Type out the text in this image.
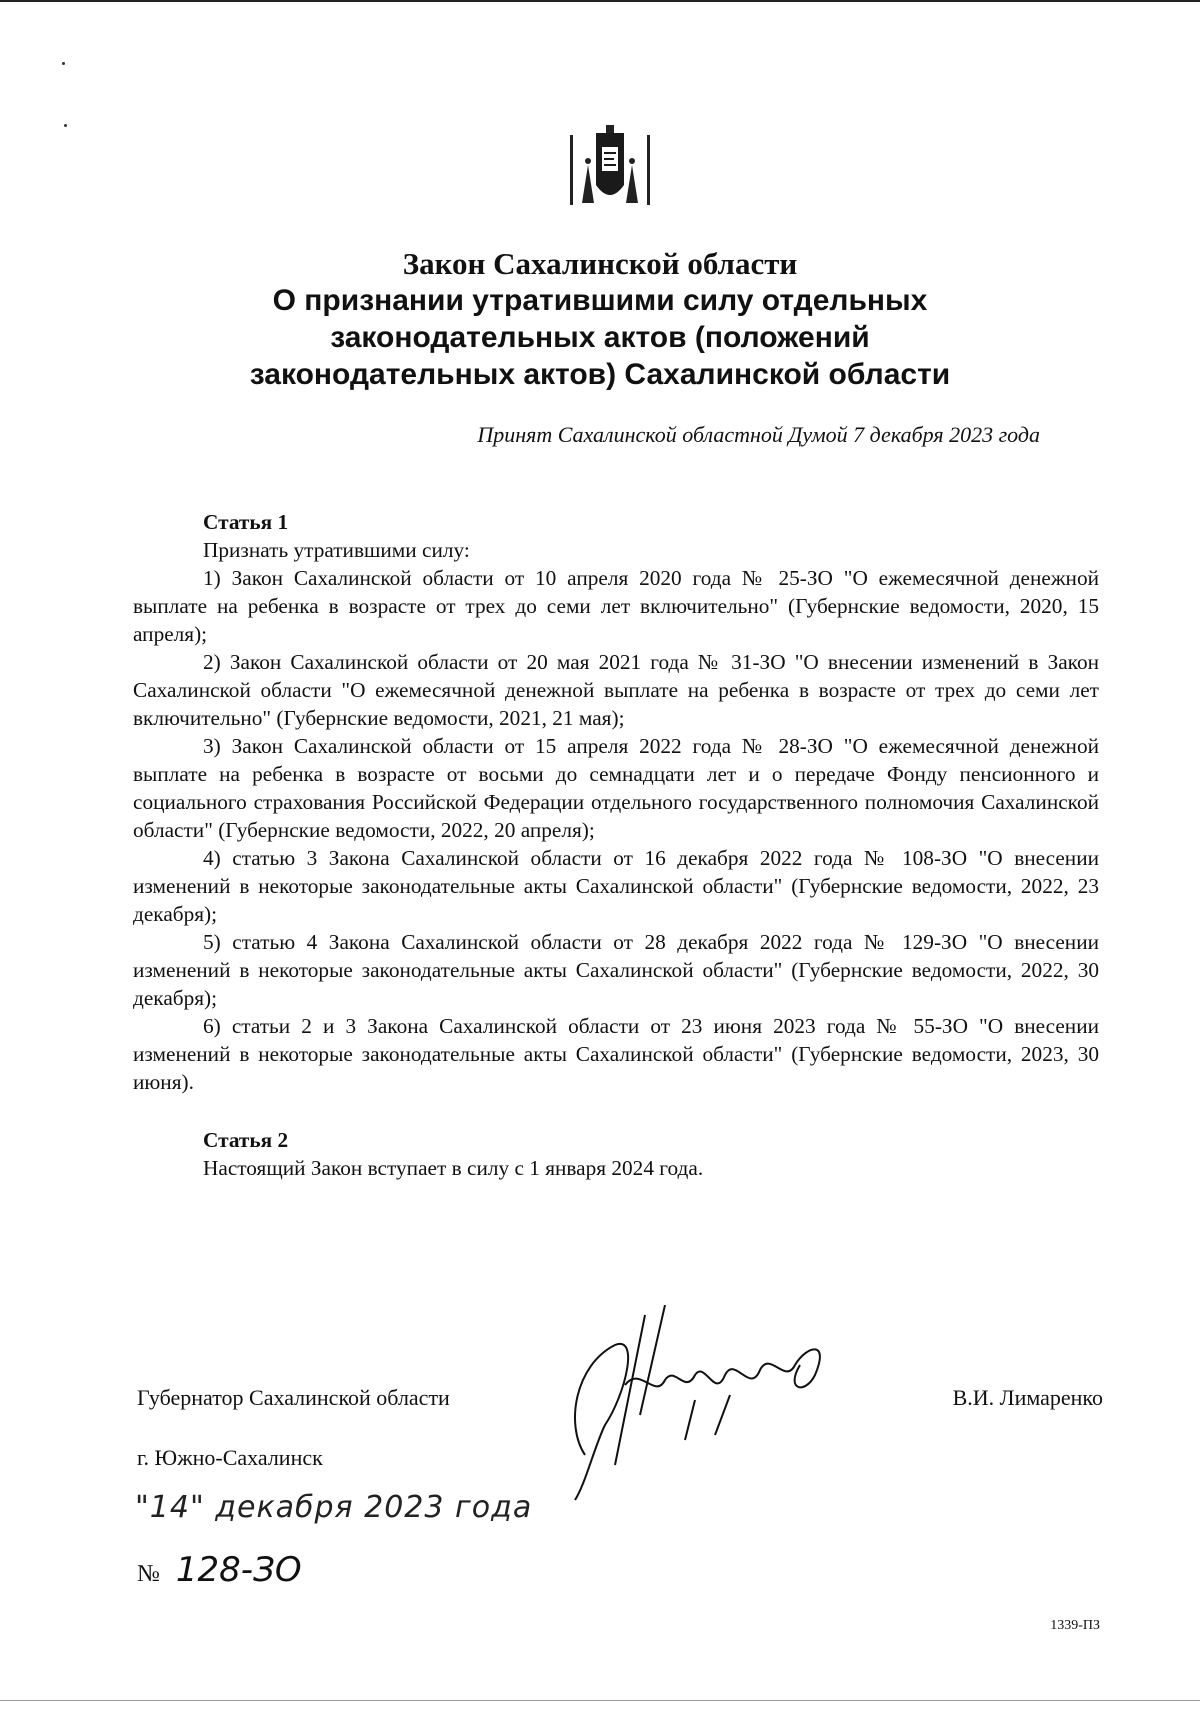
Закон Сахалинской области
О признании утратившими силу отдельных законодательных актов (положений законодательных актов) Сахалинской области
Принят Сахалинской областной Думой 7 декабря 2023 года
Статья 1

Признать утратившими силу:

1) Закон Сахалинской области от 10 апреля 2020 года № 25-ЗО "О ежемесячной денежной выплате на ребенка в возрасте от трех до семи лет включительно" (Губернские ведомости, 2020, 15 апреля);

2) Закон Сахалинской области от 20 мая 2021 года № 31-ЗО "О внесении изменений в Закон Сахалинской области "О ежемесячной денежной выплате на ребенка в возрасте от трех до семи лет включительно" (Губернские ведомости, 2021, 21 мая);

3) Закон Сахалинской области от 15 апреля 2022 года № 28-ЗО "О ежемесячной денежной выплате на ребенка в возрасте от восьми до семнадцати лет и о передаче Фонду пенсионного и социального страхования Российской Федерации отдельного государственного полномочия Сахалинской области" (Губернские ведомости, 2022, 20 апреля);

4) статью 3 Закона Сахалинской области от 16 декабря 2022 года № 108-ЗО "О внесении изменений в некоторые законодательные акты Сахалинской области" (Губернские ведомости, 2022, 23 декабря);

5) статью 4 Закона Сахалинской области от 28 декабря 2022 года № 129-ЗО "О внесении изменений в некоторые законодательные акты Сахалинской области" (Губернские ведомости, 2022, 30 декабря);

6) статьи 2 и 3 Закона Сахалинской области от 23 июня 2023 года № 55-ЗО "О внесении изменений в некоторые законодательные акты Сахалинской области" (Губернские ведомости, 2023, 30 июня).

Статья 2

Настоящий Закон вступает в силу с 1 января 2024 года.

Губернатор Сахалинской области	В.И. Лимаренко
г. Южно-Сахалинск
"14" декабря 2023 года
№ 128-ЗО
1339-ПЗ
